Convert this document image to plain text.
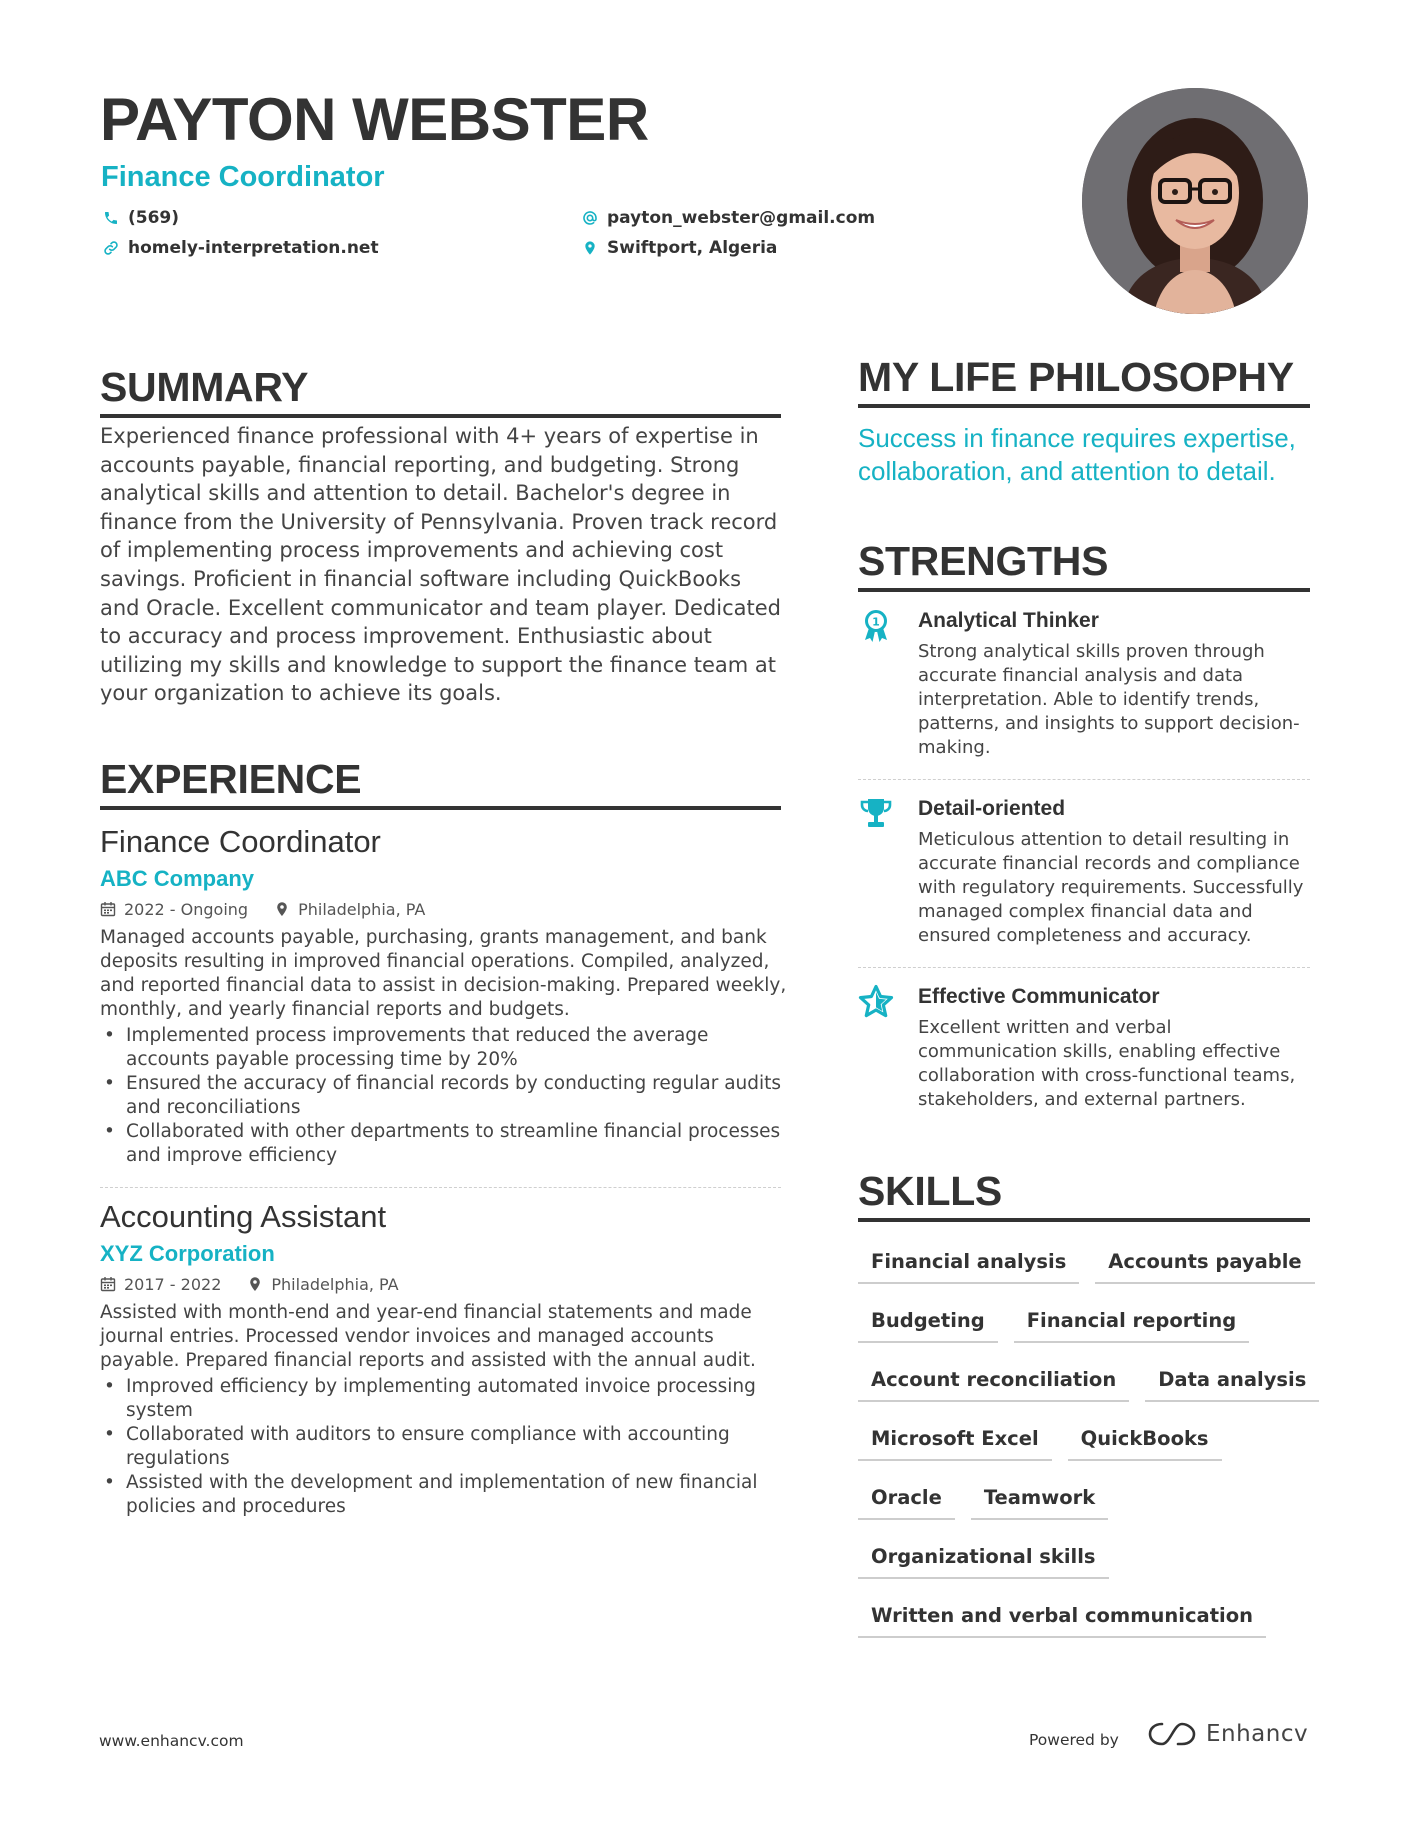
PAYTON WEBSTER
Finance Coordinator
(569)
homely-interpretation.net
payton_webster@gmail.com
Swiftport, Algeria
SUMMARY
Experienced finance professional with 4+ years of expertise in accounts payable, financial reporting, and budgeting. Strong analytical skills and attention to detail. Bachelor's degree in finance from the University of Pennsylvania. Proven track record of implementing process improvements and achieving cost savings. Proficient in financial software including QuickBooks and Oracle. Excellent communicator and team player. Dedicated to accuracy and process improvement. Enthusiastic about utilizing my skills and knowledge to support the finance team at your organization to achieve its goals.
EXPERIENCE
Finance Coordinator
ABC Company
2022 - Ongoing	Philadelphia, PA
Managed accounts payable, purchasing, grants management, and bank deposits resulting in improved financial operations. Compiled, analyzed, and reported financial data to assist in decision-making. Prepared weekly, monthly, and yearly financial reports and budgets.
• Implemented process improvements that reduced the average accounts payable processing time by 20%
• Ensured the accuracy of financial records by conducting regular audits and reconciliations
• Collaborated with other departments to streamline financial processes and improve efficiency
Accounting Assistant
XYZ Corporation
2017 - 2022	Philadelphia, PA
Assisted with month-end and year-end financial statements and made journal entries. Processed vendor invoices and managed accounts payable. Prepared financial reports and assisted with the annual audit.
• Improved efficiency by implementing automated invoice processing system
• Collaborated with auditors to ensure compliance with accounting regulations
• Assisted with the development and implementation of new financial policies and procedures
MY LIFE PHILOSOPHY
Success in finance requires expertise, collaboration, and attention to detail.
STRENGTHS
1 Analytical Thinker
Strong analytical skills proven through accurate financial analysis and data interpretation. Able to identify trends, patterns, and insights to support decision-making.
Detail-oriented
Meticulous attention to detail resulting in accurate financial records and compliance with regulatory requirements. Successfully managed complex financial data and ensured completeness and accuracy.
Effective Communicator
Excellent written and verbal communication skills, enabling effective collaboration with cross-functional teams, stakeholders, and external partners.
SKILLS
Financial analysis	Accounts payable
Budgeting	Financial reporting
Account reconciliation	Data analysis
Microsoft Excel	QuickBooks
Oracle	Teamwork
Organizational skills
Written and verbal communication
www.enhancv.com	Powered by	Enhancv
